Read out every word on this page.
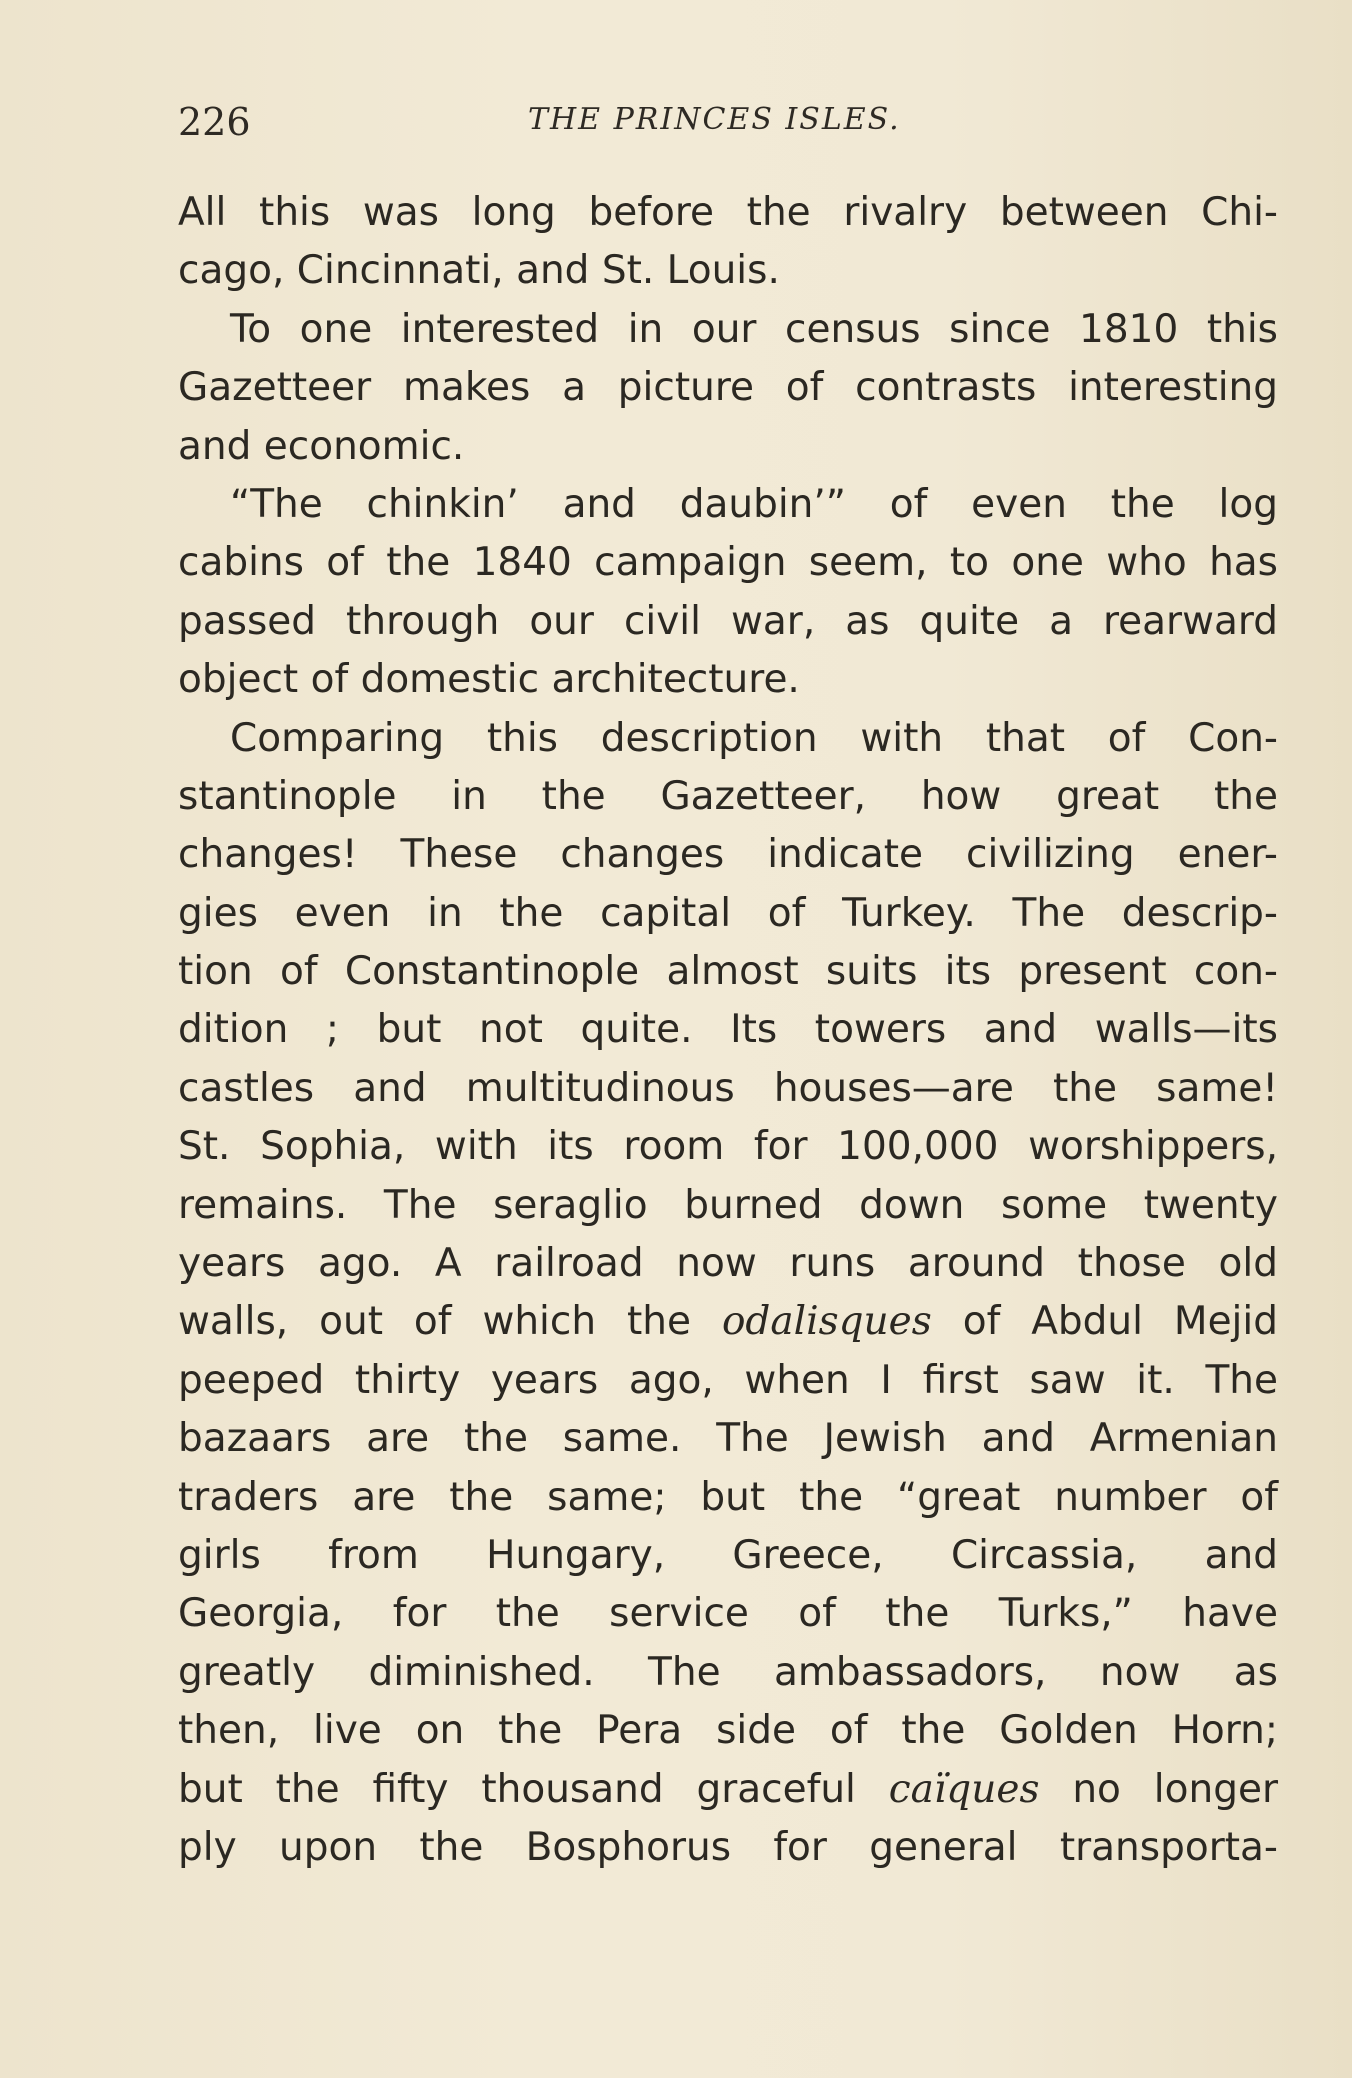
226	THE PRINCES ISLES.
All this was long before the rivalry between Chi-
cago, Cincinnati, and St. Louis.
To one interested in our census since 1810 this
Gazetteer makes a picture of contrasts interesting
and economic.
“The chinkin’ and daubin’” of even the log
cabins of the 1840 campaign seem, to one who has
passed through our civil war, as quite a rearward
object of domestic architecture.
Comparing this description with that of Con-
stantinople in the Gazetteer, how great the
changes! These changes indicate civilizing ener-
gies even in the capital of Turkey. The descrip-
tion of Constantinople almost suits its present con-
dition ; but not quite. Its towers and walls—its
castles and multitudinous houses—are the same!
St. Sophia, with its room for 100,000 worshippers,
remains. The seraglio burned down some twenty
years ago. A railroad now runs around those old
walls, out of which the odalisques of Abdul Mejid
peeped thirty years ago, when I first saw it. The
bazaars are the same. The Jewish and Armenian
traders are the same; but the “great number of
girls from Hungary, Greece, Circassia, and
Georgia, for the service of the Turks,” have
greatly diminished. The ambassadors, now as
then, live on the Pera side of the Golden Horn;
but the fifty thousand graceful caïques no longer
ply upon the Bosphorus for general transporta-
